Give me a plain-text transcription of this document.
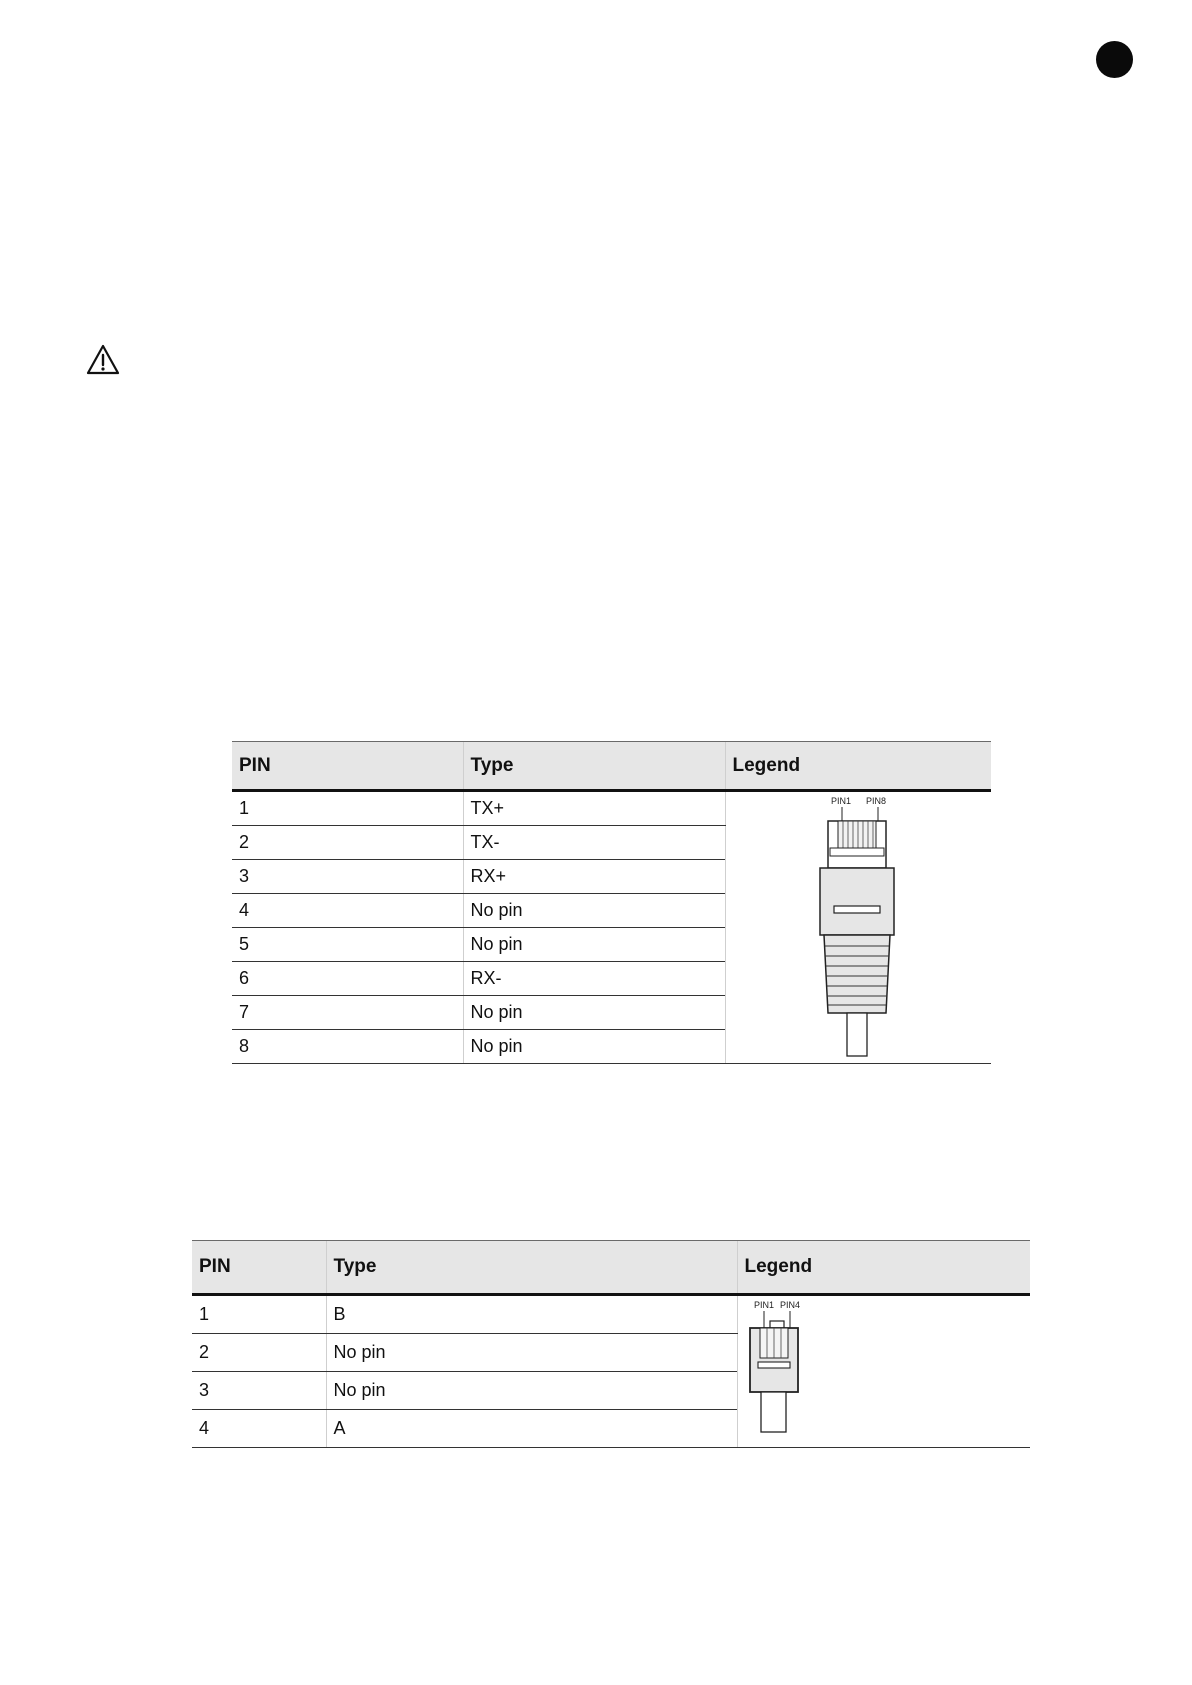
PIN	Type	Legend
1	TX+	PIN1 PIN8

2	TX-	
3	RX+	
4	No pin	
5	No pin	
6	RX-	
7	No pin	
8	No pin	
PIN	Type	Legend
1	B	PIN1 PIN4

2	No pin	
3	No pin	
4	A	
